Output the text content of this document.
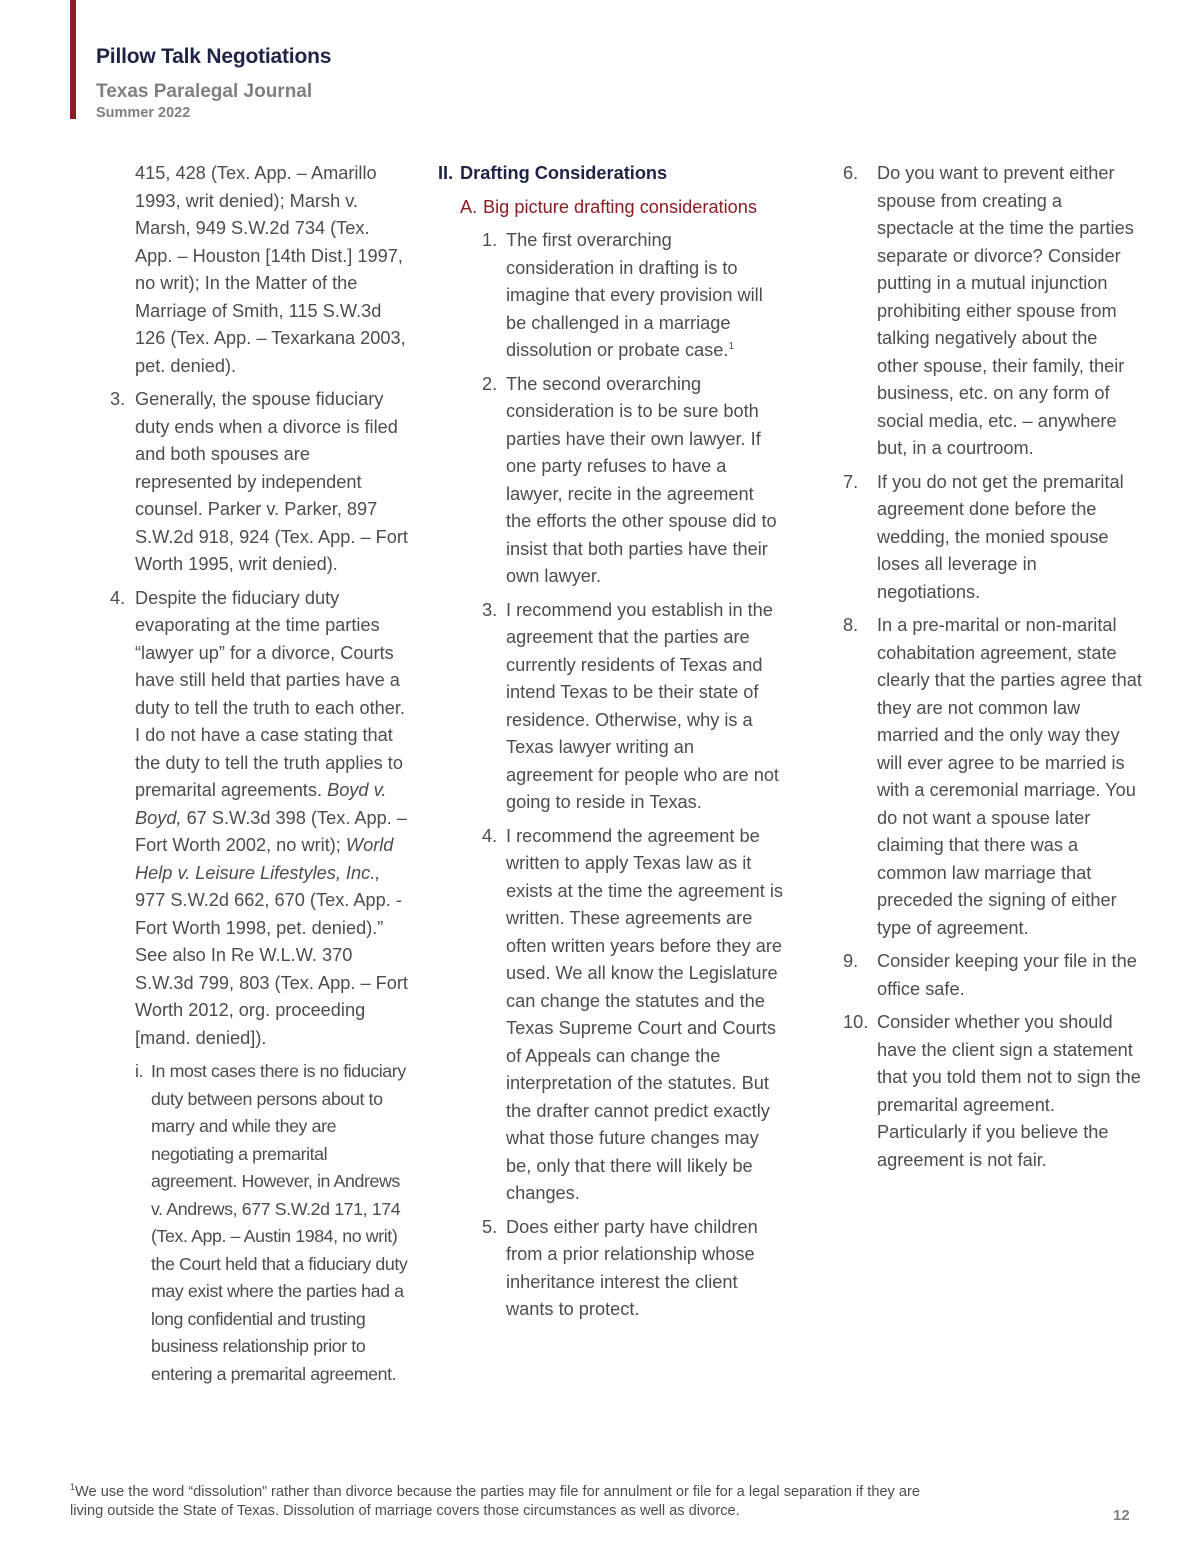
Pillow Talk Negotiations
Texas Paralegal Journal
Summer 2022

415, 428 (Tex. App. – Amarillo 1993, writ denied); Marsh v. Marsh, 949 S.W.2d 734 (Tex. App. – Houston [14th Dist.] 1997, no writ); In the Matter of the Marriage of Smith, 115 S.W.3d 126 (Tex. App. – Texarkana 2003, pet. denied).

3. Generally, the spouse fiduciary duty ends when a divorce is filed and both spouses are represented by independent counsel. Parker v. Parker, 897 S.W.2d 918, 924 (Tex. App. – Fort Worth 1995, writ denied).
4. Despite the fiduciary duty evaporating at the time parties “lawyer up” for a divorce, Courts have still held that parties have a duty to tell the truth to each other. I do not have a case stating that the duty to tell the truth applies to premarital agreements. Boyd v. Boyd, 67 S.W.3d 398 (Tex. App. – Fort Worth 2002, no writ); World Help v. Leisure Lifestyles, Inc., 977 S.W.2d 662, 670 (Tex. App. - Fort Worth 1998, pet. denied).” See also In Re W.L.W. 370 S.W.3d 799, 803 (Tex. App. – Fort Worth 2012, org. proceeding [mand. denied]).
i. In most cases there is no fiduciary duty between persons about to marry and while they are negotiating a premarital agreement. However, in Andrews v. Andrews, 677 S.W.2d 171, 174 (Tex. App. – Austin 1984, no writ) the Court held that a fiduciary duty may exist where the parties had a long confidential and trusting business relationship prior to entering a premarital agreement.
II. Drafting Considerations
A. Big picture drafting considerations
1. The first overarching consideration in drafting is to imagine that every provision will be challenged in a marriage dissolution or probate case.$^1$
2. The second overarching consideration is to be sure both parties have their own lawyer. If one party refuses to have a lawyer, recite in the agreement the efforts the other spouse did to insist that both parties have their own lawyer.
3. I recommend you establish in the agreement that the parties are currently residents of Texas and intend Texas to be their state of residence. Otherwise, why is a Texas lawyer writing an agreement for people who are not going to reside in Texas.
4. I recommend the agreement be written to apply Texas law as it exists at the time the agreement is written. These agreements are often written years before they are used. We all know the Legislature can change the statutes and the Texas Supreme Court and Courts of Appeals can change the interpretation of the statutes. But the drafter cannot predict exactly what those future changes may be, only that there will likely be changes.
5. Does either party have children from a prior relationship whose inheritance interest the client wants to protect.
6. Do you want to prevent either spouse from creating a spectacle at the time the parties separate or divorce? Consider putting in a mutual injunction prohibiting either spouse from talking negatively about the other spouse, their family, their business, etc. on any form of social media, etc. – anywhere but, in a courtroom.
7. If you do not get the premarital agreement done before the wedding, the monied spouse loses all leverage in negotiations.
8. In a pre-marital or non-marital cohabitation agreement, state clearly that the parties agree that they are not common law married and the only way they will ever agree to be married is with a ceremonial marriage. You do not want a spouse later claiming that there was a common law marriage that preceded the signing of either type of agreement.
9. Consider keeping your file in the office safe.
10. Consider whether you should have the client sign a statement that you told them not to sign the premarital agreement. Particularly if you believe the agreement is not fair.
$^1$We use the word “dissolution” rather than divorce because the parties may file for annulment or file for a legal separation if they are living outside the State of Texas. Dissolution of marriage covers those circumstances as well as divorce.	12
